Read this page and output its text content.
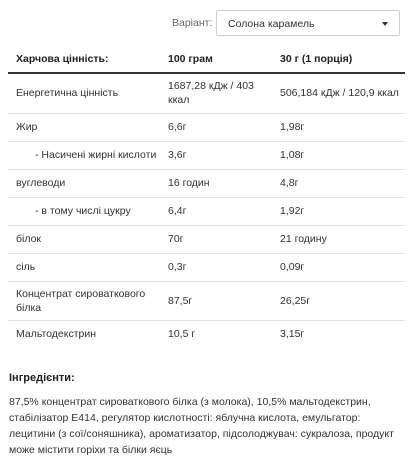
Варіант: Солона карамель
Харчова цінність:	100 грам	30 г (1 порція)
Енергетична цінність	1687,28 кДж / 403 ккал	506,184 кДж / 120,9 ккал
Жир	6,6г	1,98г
- Насичені жирні кислоти	3,6г	1,08г
вуглеводи	16 годин	4,8г
- в тому числі цукру	6,4г	1,92г
білок	70г	21 годину
сіль	0,3г	0,09г
Концентрат сироваткового білка	87,5г	26,25г
Мальтодекстрин	10,5 г	3,15г
Інгредієнти:

87,5% концентрат сироваткового білка (з молока), 10,5% мальтодекстрин, стабілізатор Е414, регулятор кислотності: яблучна кислота, емульгатор: лецитини (з сої/соняшника), ароматизатор, підсолоджувач: сукралоза, продукт може містити горіхи та білки яєць
